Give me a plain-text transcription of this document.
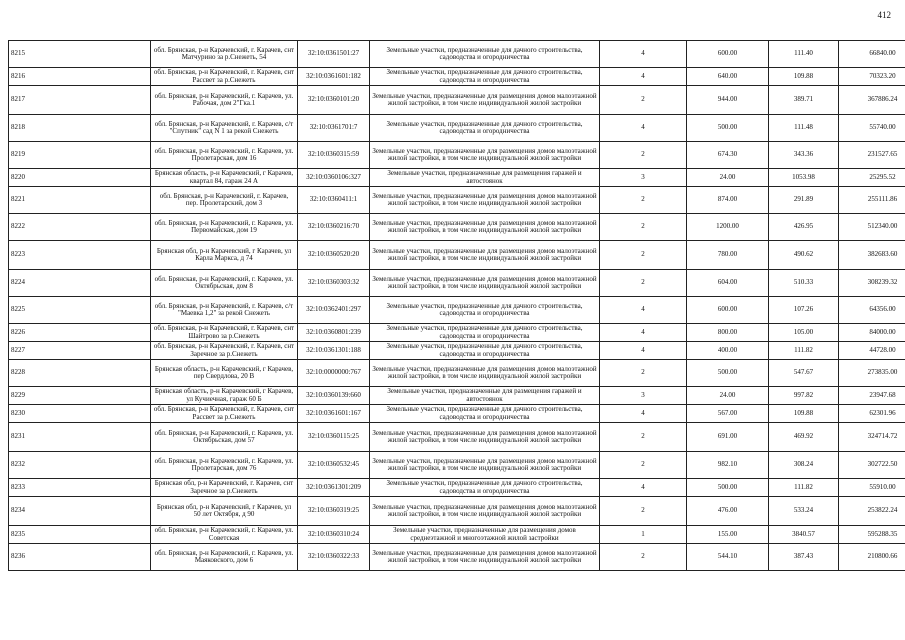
412
8215	обл. Брянская, р-н Карачевский, г. Карачев, снт Матчурино за р.Снежеть, 54	32:10:0361501:27	Земельные участки, предназначенные для дачного строительства, садоводства и огородничества	4	600.00	111.40	66840.00
8216	обл. Брянская, р-н Карачевский, г. Карачев, снт Рассвет за р.Снежеть	32:10:0361601:182	Земельные участки, предназначенные для дачного строительства, садоводства и огородничества	4	640.00	109.88	70323.20
8217	обл. Брянская, р-н Карачевский, г. Карачев, ул. Рабочая, дом 2"Гка.1	32:10:0360101:20	Земельные участки, предназначенные для размещения домов малоэтажной жилой застройки, в том числе индивидуальной жилой застройки	2	944.00	389.71	367886.24
8218	обл. Брянская, р-н Карачевский, г. Карачев, с/т "Спутник" сад N 1 за рекой Снежеть	32:10:0361701:7	Земельные участки, предназначенные для дачного строительства, садоводства и огородничества	4	500.00	111.48	55740.00
8219	обл. Брянская, р-н Карачевский, г. Карачев, ул. Пролетарская, дом 16	32:10:0360315:59	Земельные участки, предназначенные для размещения домов малоэтажной жилой застройки, в том числе индивидуальной жилой застройки	2	674.30	343.36	231527.65
8220	Брянская область, р-н Карачевский, г Карачев, квартал 84, гараж 24 А	32:10:0360106:327	Земельные участки, предназначенные для размещения гаражей и автостоянок	3	24.00	1053.98	25295.52
8221	обл. Брянская, р-н Карачевский, г. Карачев, пер. Пролетарский, дом 3	32:10:0360411:1	Земельные участки, предназначенные для размещения домов малоэтажной жилой застройки, в том числе индивидуальной жилой застройки	2	874.00	291.89	255111.86
8222	обл. Брянская, р-н Карачевский, г. Карачев, ул. Первомайская, дом 19	32:10:0360216:70	Земельные участки, предназначенные для размещения домов малоэтажной жилой застройки, в том числе индивидуальной жилой застройки	2	1200.00	426.95	512340.00
8223	Брянская обл, р-н Карачевский, г Карачев, ул Карла Маркса, д 74	32:10:0360520:20	Земельные участки, предназначенные для размещения домов малоэтажной жилой застройки, в том числе индивидуальной жилой застройки	2	780.00	490.62	382683.60
8224	обл. Брянская, р-н Карачевский, г. Карачев, ул. Октябрьская, дом 8	32:10:0360303:32	Земельные участки, предназначенные для размещения домов малоэтажной жилой застройки, в том числе индивидуальной жилой застройки	2	604.00	510.33	308239.32
8225	обл. Брянская, р-н Карачевский, г. Карачев, с/т "Маевка 1,2" за рекой Снежеть	32:10:0362401:297	Земельные участки, предназначенные для дачного строительства, садоводства и огородничества	4	600.00	107.26	64356.00
8226	обл. Брянская, р-н Карачевский, г. Карачев, снт Шайтрово за р.Снежеть	32:10:0360801:239	Земельные участки, предназначенные для дачного строительства, садоводства и огородничества	4	800.00	105.00	84000.00
8227	обл. Брянская, р-н Карачевский, г. Карачев, снт Заречное за р.Снежеть	32:10:0361301:188	Земельные участки, предназначенные для дачного строительства, садоводства и огородничества	4	400.00	111.82	44728.00
8228	Брянская область, р-н Карачевский, г Карачев, пер Свердлова, 20 В	32:10:0000000:767	Земельные участки, предназначенные для размещения домов малоэтажной жилой застройки, в том числе индивидуальной жилой застройки	2	500.00	547.67	273835.00
8229	Брянская область, р-н Карачевский, г Карачев, ул Кучиечная, гараж 60 Б	32:10:0360139:660	Земельные участки, предназначенные для размещения гаражей и автостоянок	3	24.00	997.82	23947.68
8230	обл. Брянская, р-н Карачевский, г. Карачев, снт Рассвет за р.Снежеть	32:10:0361601:167	Земельные участки, предназначенные для дачного строительства, садоводства и огородничества	4	567.00	109.88	62301.96
8231	обл. Брянская, р-н Карачевский, г. Карачев, ул. Октябрьская, дом 57	32:10:0360115:25	Земельные участки, предназначенные для размещения домов малоэтажной жилой застройки, в том числе индивидуальной жилой застройки	2	691.00	469.92	324714.72
8232	обл. Брянская, р-н Карачевский, г. Карачев, ул. Пролетарская, дом 76	32:10:0360532:45	Земельные участки, предназначенные для размещения домов малоэтажной жилой застройки, в том числе индивидуальной жилой застройки	2	982.10	308.24	302722.50
8233	Брянская обл, р-н Карачевский, г. Карачев, снт Заречное за р.Снежеть	32:10:0361301:209	Земельные участки, предназначенные для дачного строительства, садоводства и огородничества	4	500.00	111.82	55910.00
8234	Брянская обл, р-н Карачевский, г Карачев, ул 50 лет Октября, д 90	32:10:0360319:25	Земельные участки, предназначенные для размещения домов малоэтажной жилой застройки, в том числе индивидуальной жилой застройки	2	476.00	533.24	253822.24
8235	обл. Брянская, р-н Карачевский, г. Карачев, ул. Советская	32:10:0360310:24	Земельные участки, предназначенные для размещения домов среднеэтажной и многоэтажной жилой застройки	1	155.00	3840.57	595288.35
8236	обл. Брянская, р-н Карачевский, г. Карачев, ул. Маяковского, дом 6	32:10:0360322:33	Земельные участки, предназначенные для размещения домов малоэтажной жилой застройки, в том числе индивидуальной жилой застройки	2	544.10	387.43	210800.66
